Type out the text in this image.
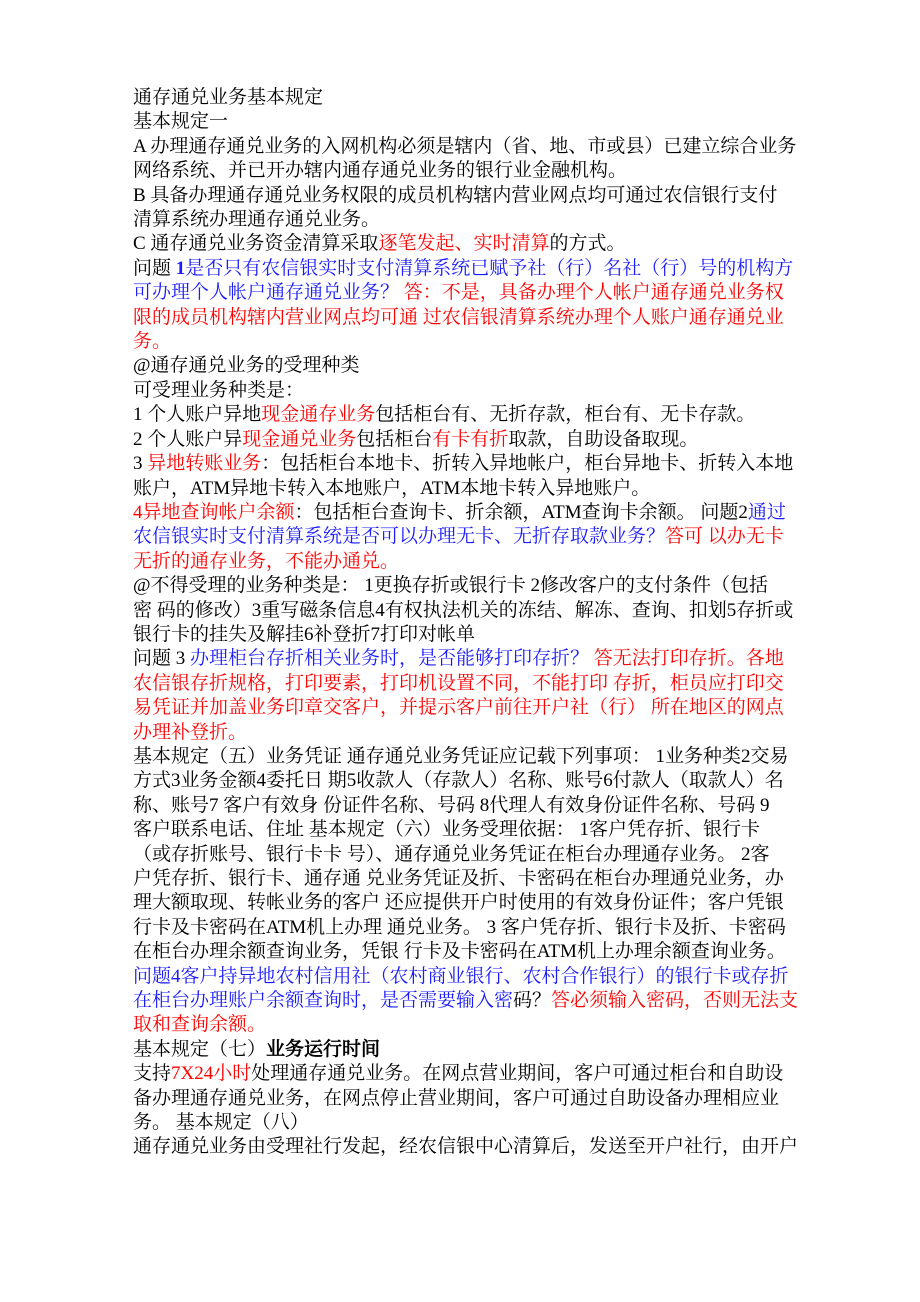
通存通兑业务基本规定
基本规定一
A 办理通存通兑业务的入网机构必须是辖内（省、地、市或县）已建立综合业务
网络系统、并已开办辖内通存通兑业务的银行业金融机构。
B 具备办理通存通兑业务权限的成员机构辖内营业网点均可通过农信银行支付
清算系统办理通存通兑业务。
C 通存通兑业务资金清算采取逐笔发起、实时清算的方式。
问题 1是否只有农信银实时支付清算系统已赋予社（行）名社（行）号的机构方
可办理个人帐户通存通兑业务？ 答：不是，具备办理个人帐户通存通兑业务权
限的成员机构辖内营业网点均可通 过农信银清算系统办理个人账户通存通兑业
务。
@通存通兑业务的受理种类
可受理业务种类是：
1 个人账户异地现金通存业务包括柜台有、无折存款，柜台有、无卡存款。
2 个人账户异现金通兑业务包括柜台有卡有折取款，自助设备取现。
3 异地转账业务：包括柜台本地卡、折转入异地帐户，柜台异地卡、折转入本地
账户，ATM异地卡转入本地账户，ATM本地卡转入异地账户。
4异地查询帐户余额：包括柜台查询卡、折余额，ATM查询卡余额。 问题2通过
农信银实时支付清算系统是否可以办理无卡、无折存取款业务？答可 以办无卡
无折的通存业务，不能办通兑。
@不得受理的业务种类是： 1更换存折或银行卡 2修改客户的支付条件（包括
密 码的修改）3重写磁条信息4有权执法机关的冻结、解冻、查询、扣划5存折或
银行卡的挂失及解挂6补登折7打印对帐单
问题 3 办理柜台存折相关业务时，是否能够打印存折？ 答无法打印存折。各地
农信银存折规格，打印要素，打印机设置不同，不能打印 存折，柜员应打印交
易凭证并加盖业务印章交客户，并提示客户前往开户社（行） 所在地区的网点
办理补登折。
基本规定（五）业务凭证 通存通兑业务凭证应记载下列事项： 1业务种类2交易
方式3业务金额4委托日 期5收款人（存款人）名称、账号6付款人（取款人）名
称、账号7 客户有效身 份证件名称、号码 8代理人有效身份证件名称、号码 9
客户联系电话、住址 基本规定（六）业务受理依据： 1客户凭存折、银行卡
（或存折账号、银行卡卡 号）、通存通兑业务凭证在柜台办理通存业务。 2客
户凭存折、银行卡、通存通 兑业务凭证及折、卡密码在柜台办理通兑业务，办
理大额取现、转帐业务的客户 还应提供开户时使用的有效身份证件；客户凭银
行卡及卡密码在ATM机上办理 通兑业务。 3 客户凭存折、银行卡及折、卡密码
在柜台办理余额查询业务，凭银 行卡及卡密码在ATM机上办理余额查询业务。
问题4客户持异地农村信用社（农村商业银行、农村合作银行）的银行卡或存折
在柜台办理账户余额查询时，是否需要输入密码？答必须输入密码，否则无法支
取和查询余额。
基本规定（七）业务运行时间
支持7X24小时处理通存通兑业务。在网点营业期间，客户可通过柜台和自助设
备办理通存通兑业务，在网点停止营业期间，客户可通过自助设备办理相应业
务。 基本规定（八）
通存通兑业务由受理社行发起，经农信银中心清算后，发送至开户社行，由开户
